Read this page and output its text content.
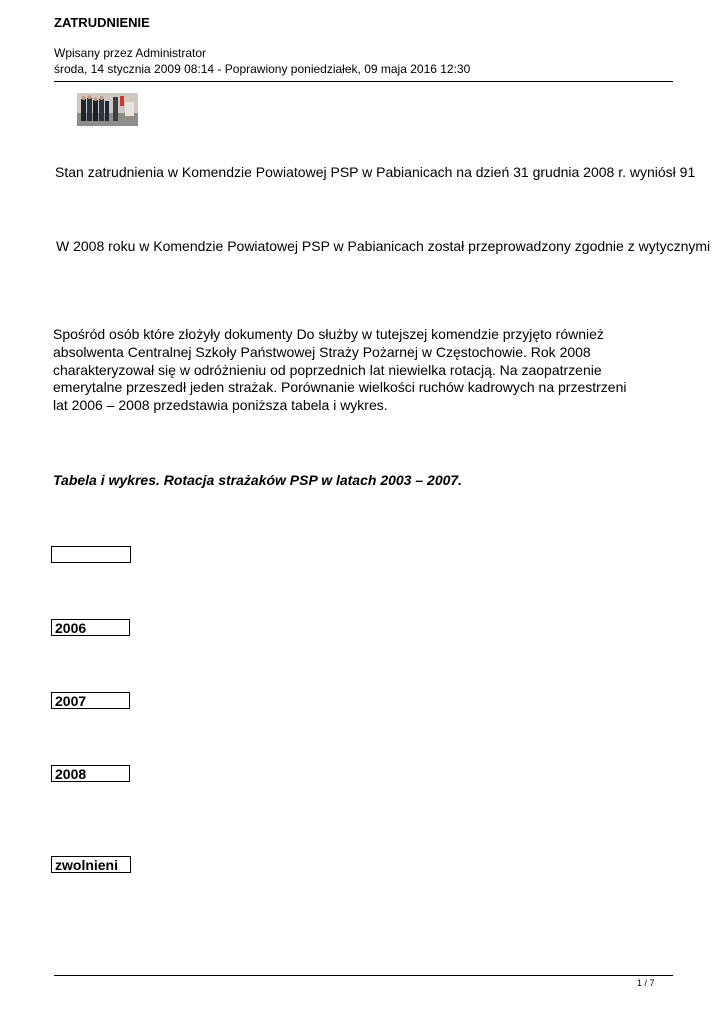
ZATRUDNIENIE
Wpisany przez Administrator
środa, 14 stycznia 2009 08:14 - Poprawiony poniedziałek, 09 maja 2016 12:30
Stan zatrudnienia w Komendzie Powiatowej PSP w Pabianicach na dzień 31 grudnia 2008 r. wyniósł 91
W 2008 roku w Komendzie Powiatowej PSP w Pabianicach został przeprowadzony zgodnie z wytycznymi
Spośród osób które złożyły dokumenty Do służby w tutejszej komendzie przyjęto również
absolwenta Centralnej Szkoły Państwowej Straży Pożarnej w Częstochowie. Rok 2008
charakteryzował się w odróżnieniu od poprzednich lat niewielka rotacją. Na zaopatrzenie
emerytalne przeszedł jeden strażak. Porównanie wielkości ruchów kadrowych na przestrzeni
lat 2006 – 2008 przedstawia poniższa tabela i wykres.
Tabela i wykres. Rotacja strażaków PSP w latach 2003 – 2007.
2006
2007
2008
zwolnieni
1 / 7
